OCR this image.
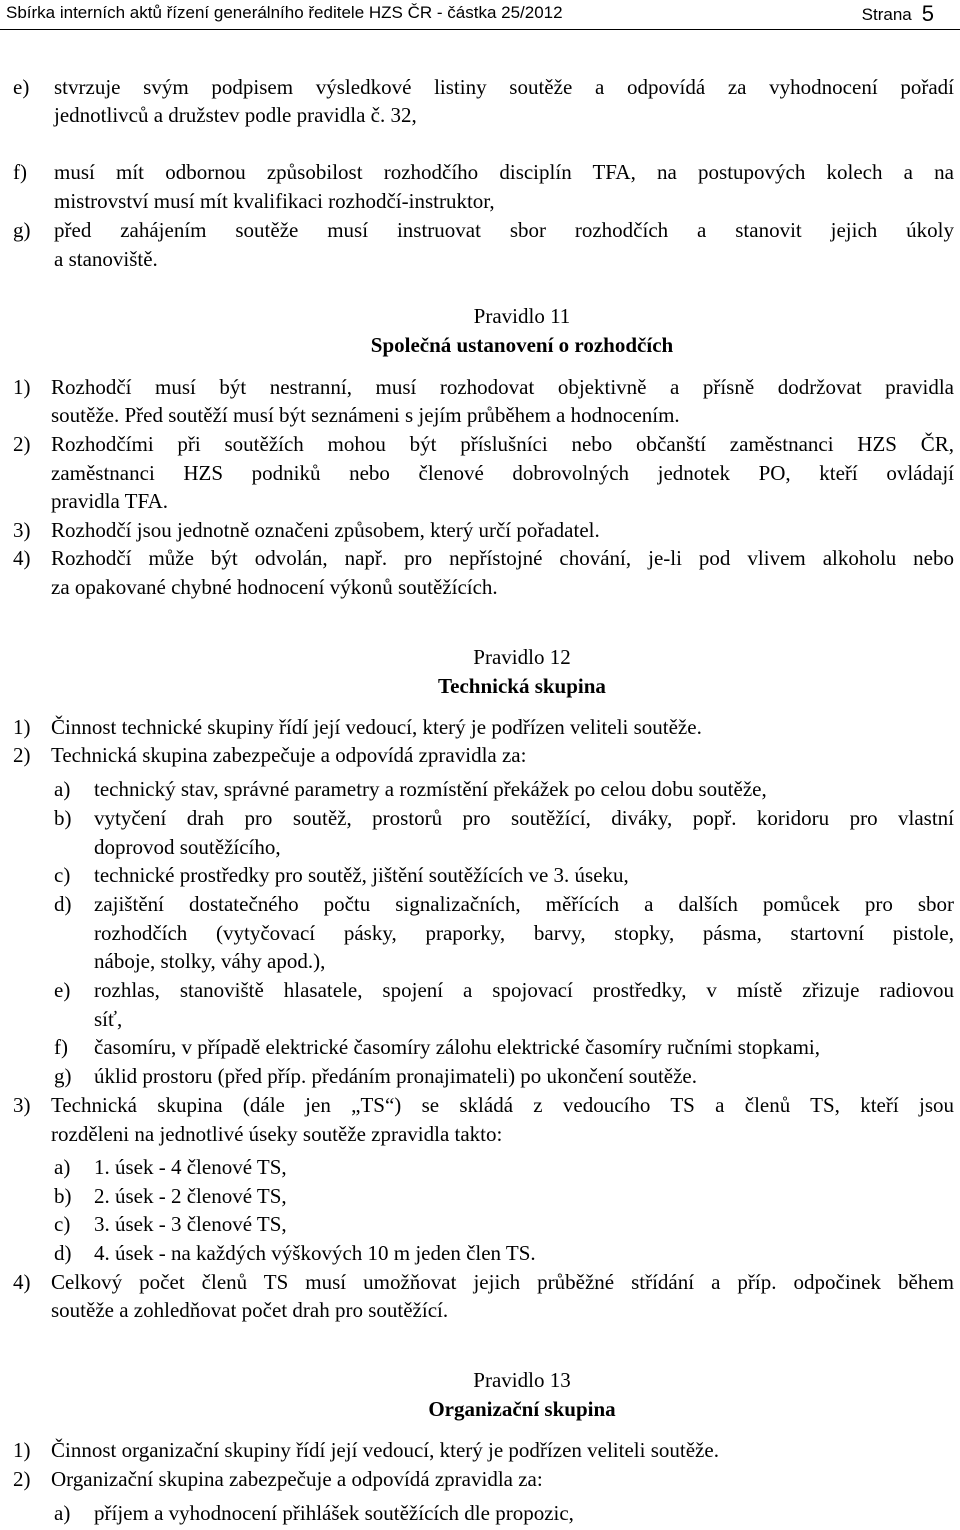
Sbírka interních aktů řízení generálního ředitele HZS ČR - částka 25/2012	Strana 5
e) stvrzuje svým podpisem výsledkové listiny soutěže a odpovídá za vyhodnocení pořadí
jednotlivců a družstev podle pravidla č. 32,
f) musí mít odbornou způsobilost rozhodčího disciplín TFA, na postupových kolech a na
mistrovství musí mít kvalifikaci rozhodčí-instruktor,
g) před zahájením soutěže musí instruovat sbor rozhodčích a stanovit jejich úkoly
a stanoviště.
Pravidlo 11
Společná ustanovení o rozhodčích
1) Rozhodčí musí být nestranní, musí rozhodovat objektivně a přísně dodržovat pravidla
soutěže. Před soutěží musí být seznámeni s jejím průběhem a hodnocením.
2) Rozhodčími při soutěžích mohou být příslušníci nebo občanští zaměstnanci HZS ČR,
zaměstnanci HZS podniků nebo členové dobrovolných jednotek PO, kteří ovládají
pravidla TFA.
3) Rozhodčí jsou jednotně označeni způsobem, který určí pořadatel.
4) Rozhodčí může být odvolán, např. pro nepřístojné chování, je-li pod vlivem alkoholu nebo
za opakované chybné hodnocení výkonů soutěžících.
Pravidlo 12
Technická skupina
1) Činnost technické skupiny řídí její vedoucí, který je podřízen veliteli soutěže.
2) Technická skupina zabezpečuje a odpovídá zpravidla za:
a) technický stav, správné parametry a rozmístění překážek po celou dobu soutěže,
b) vytyčení drah pro soutěž, prostorů pro soutěžící, diváky, popř. koridoru pro vlastní
doprovod soutěžícího,
c) technické prostředky pro soutěž, jištění soutěžících ve 3. úseku,
d) zajištění dostatečného počtu signalizačních, měřících a dalších pomůcek pro sbor
rozhodčích (vytyčovací pásky, praporky, barvy, stopky, pásma, startovní pistole,
náboje, stolky, váhy apod.),
e) rozhlas, stanoviště hlasatele, spojení a spojovací prostředky, v místě zřizuje radiovou
síť,
f) časomíru, v případě elektrické časomíry zálohu elektrické časomíry ručními stopkami,
g) úklid prostoru (před příp. předáním pronajimateli) po ukončení soutěže.
3) Technická skupina (dále jen „TS“) se skládá z vedoucího TS a členů TS, kteří jsou
rozděleni na jednotlivé úseky soutěže zpravidla takto:
a) 1. úsek - 4 členové TS,
b) 2. úsek - 2 členové TS,
c) 3. úsek - 3 členové TS,
d) 4. úsek - na každých výškových 10 m jeden člen TS.
4) Celkový počet členů TS musí umožňovat jejich průběžné střídání a příp. odpočinek během
soutěže a zohledňovat počet drah pro soutěžící.
Pravidlo 13
Organizační skupina
1) Činnost organizační skupiny řídí její vedoucí, který je podřízen veliteli soutěže.
2) Organizační skupina zabezpečuje a odpovídá zpravidla za:
a) příjem a vyhodnocení přihlášek soutěžících dle propozic,
